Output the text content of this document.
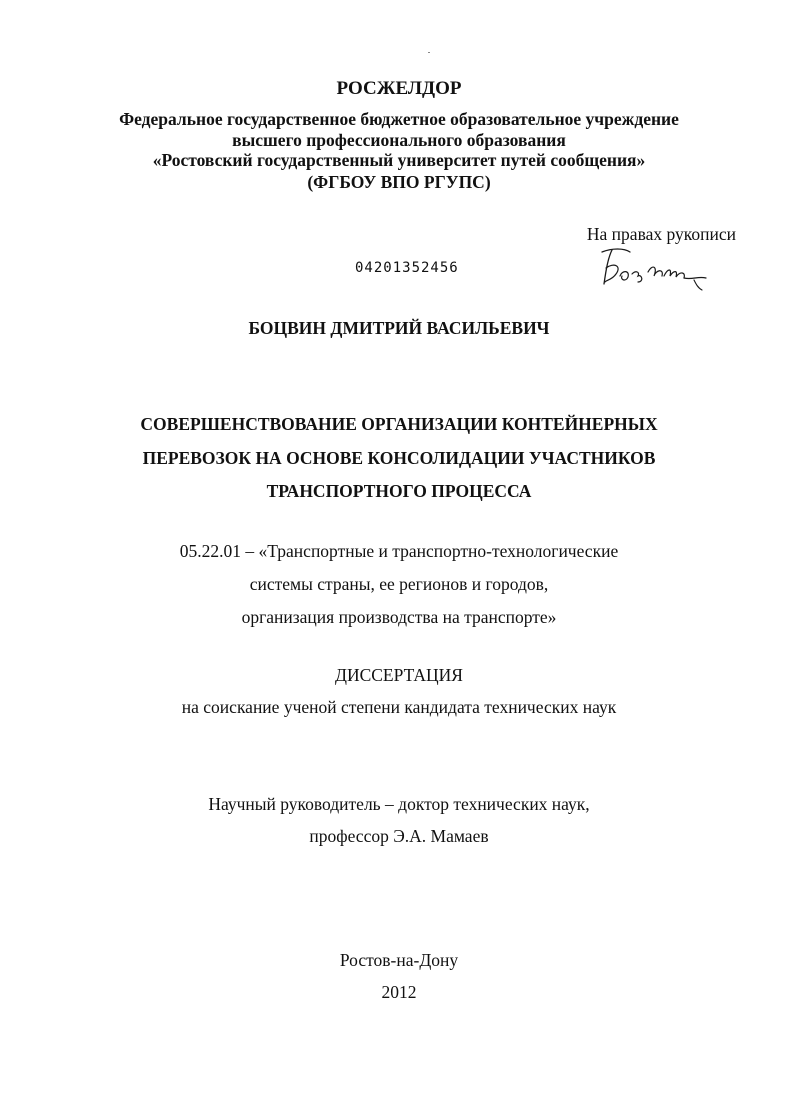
РОСЖЕЛДОР
Федеральное государственное бюджетное образовательное учреждение
высшего профессионального образования
«Ростовский государственный университет путей сообщения»
(ФГБОУ ВПО РГУПС)
На правах рукописи
04201352456
БОЦВИН ДМИТРИЙ ВАСИЛЬЕВИЧ
СОВЕРШЕНСТВОВАНИЕ ОРГАНИЗАЦИИ КОНТЕЙНЕРНЫХ
ПЕРЕВОЗОК НА ОСНОВЕ КОНСОЛИДАЦИИ УЧАСТНИКОВ
ТРАНСПОРТНОГО ПРОЦЕССА
05.22.01 – «Транспортные и транспортно-технологические
системы страны, ее регионов и городов,
организация производства на транспорте»
ДИССЕРТАЦИЯ
на соискание ученой степени кандидата технических наук
Научный руководитель – доктор технических наук,
профессор Э.А. Мамаев
Ростов-на-Дону
2012
